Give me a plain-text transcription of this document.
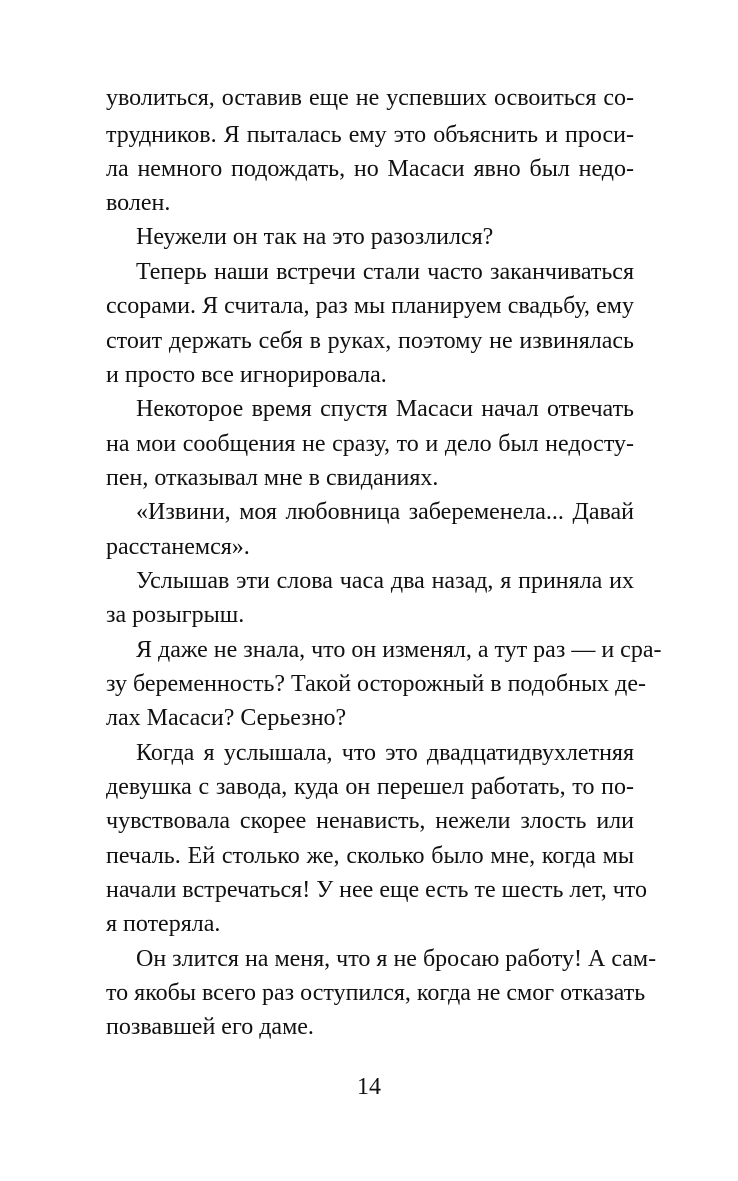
уволиться, оставив еще не успевших освоиться со-
трудников. Я пыталась ему это объяснить и проси-
ла немного подождать, но Масаси явно был недо-
волен.
Неужели он так на это разозлился?
Теперь наши встречи стали часто заканчиваться
ссорами. Я считала, раз мы планируем свадьбу, ему
стоит держать себя в руках, поэтому не извинялась
и просто все игнорировала.
Некоторое время спустя Масаси начал отвечать
на мои сообщения не сразу, то и дело был недосту-
пен, отказывал мне в свиданиях.
«Извини, моя любовница забеременела... Давай
расстанемся».
Услышав эти слова часа два назад, я приняла их
за розыгрыш.
Я даже не знала, что он изменял, а тут раз — и сра-
зу беременность? Такой осторожный в подобных де-
лах Масаси? Серьезно?
Когда я услышала, что это двадцатидвухлетняя
девушка с завода, куда он перешел работать, то по-
чувствовала скорее ненависть, нежели злость или
печаль. Ей столько же, сколько было мне, когда мы
начали встречаться! У нее еще есть те шесть лет, что
я потеряла.
Он злится на меня, что я не бросаю работу! А сам-
то якобы всего раз оступился, когда не смог отказать
позвавшей его даме.
14
